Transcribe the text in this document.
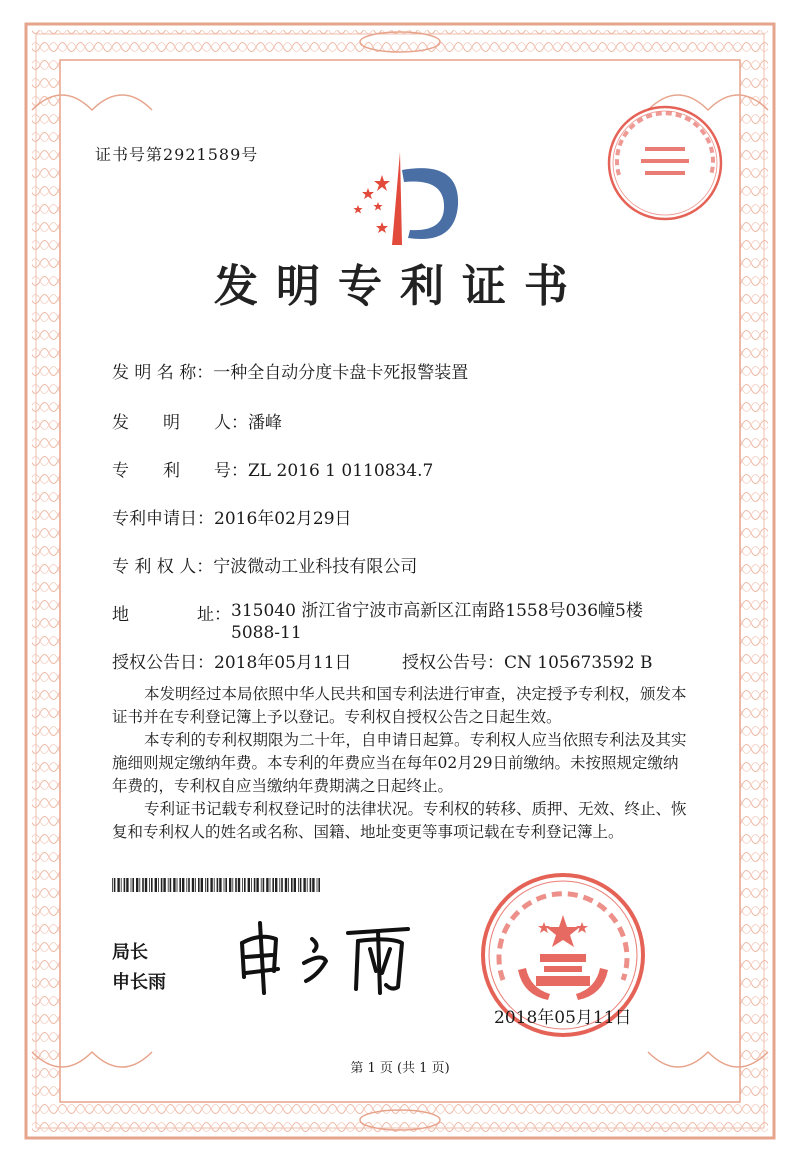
证书号第2921589号
发明专利证书
发 明 名 称：一种全自动分度卡盘卡死报警装置
发　　明　　人：潘峰
专　　利　　号：ZL 2016 1 0110834.7
专利申请日：2016年02月29日
专 利 权 人：宁波微动工业科技有限公司
地　　　　址：315040 浙江省宁波市高新区江南路1558号036幢5楼5088-11
授权公告日：2018年05月11日	授权公告号：CN 105673592 B

本发明经过本局依照中华人民共和国专利法进行审查，决定授予专利权，颁发本证书并在专利登记簿上予以登记。专利权自授权公告之日起生效。

本专利的专利权期限为二十年，自申请日起算。专利权人应当依照专利法及其实施细则规定缴纳年费。本专利的年费应当在每年02月29日前缴纳。未按照规定缴纳年费的，专利权自应当缴纳年费期满之日起终止。

专利证书记载专利权登记时的法律状况。专利权的转移、质押、无效、终止、恢复和专利权人的姓名或名称、国籍、地址变更等事项记载在专利登记簿上。

局长
申长雨
2018年05月11日
第 1 页 (共 1 页)
